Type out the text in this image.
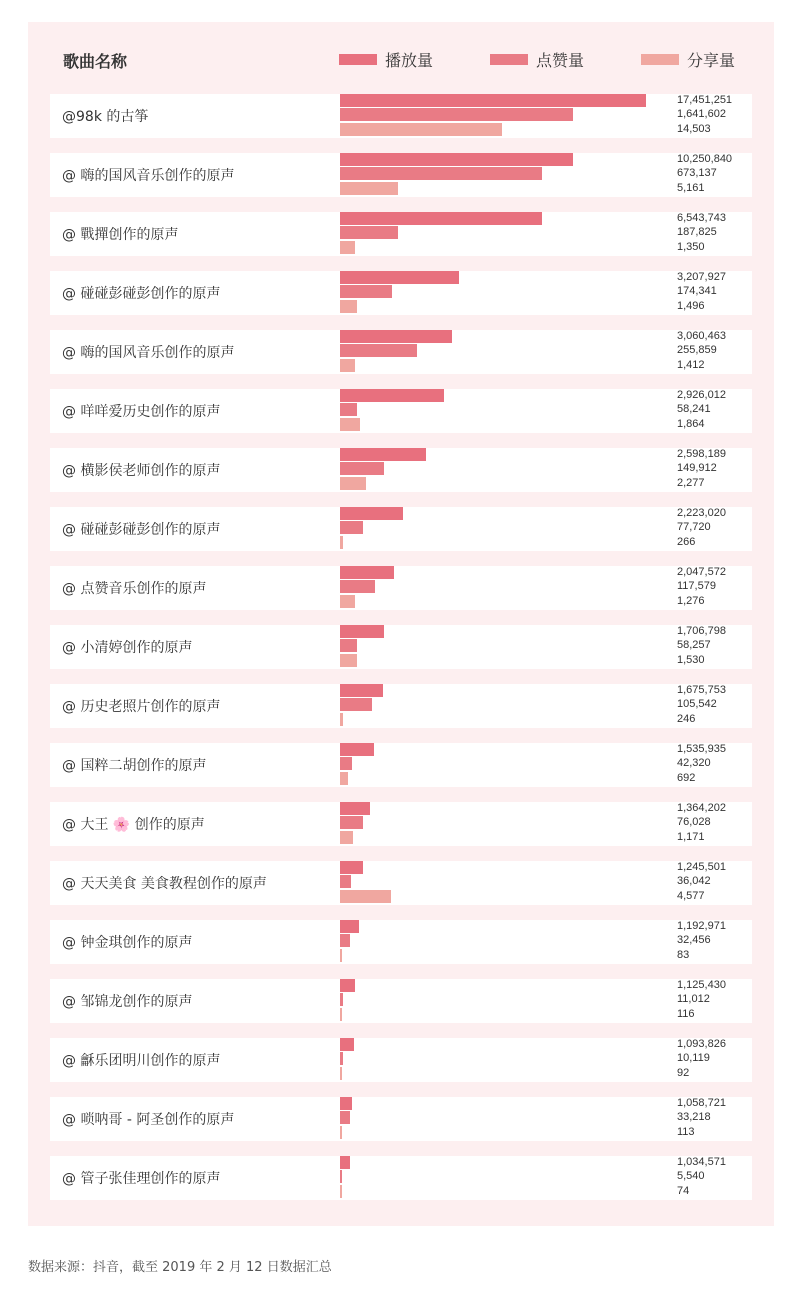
歌曲名称	播放量	点赞量	分享量
@98k 的古筝
17,451,251
1,641,602
14,503
@ 嗨的国风音乐创作的原声
10,250,840
673,137
5,161
@ 戰撣创作的原声
6,543,743
187,825
1,350
@ 碰碰彭碰彭创作的原声
3,207,927
174,341
1,496
@ 嗨的国风音乐创作的原声
3,060,463
255,859
1,412
@ 咩咩爱历史创作的原声
2,926,012
58,241
1,864
@ 横影侯老师创作的原声
2,598,189
149,912
2,277
@ 碰碰彭碰彭创作的原声
2,223,020
77,720
266
@ 点赞音乐创作的原声
2,047,572
117,579
1,276
@ 小清婷创作的原声
1,706,798
58,257
1,530
@ 历史老照片创作的原声
1,675,753
105,542
246
@ 国粹二胡创作的原声
1,535,935
42,320
692
@ 大王 🌸 创作的原声
1,364,202
76,028
1,171
@ 天天美食 美食教程创作的原声
1,245,501
36,042
4,577
@ 钟金琪创作的原声
1,192,971
32,456
83
@ 邹锦龙创作的原声
1,125,430
11,012
116
@ 龢乐团明川创作的原声
1,093,826
10,119
92
@ 唢呐哥 - 阿圣创作的原声
1,058,721
33,218
113
@ 管子张佳理创作的原声
1,034,571
5,540
74
数据来源：抖音，截至 2019 年 2 月 12 日数据汇总
